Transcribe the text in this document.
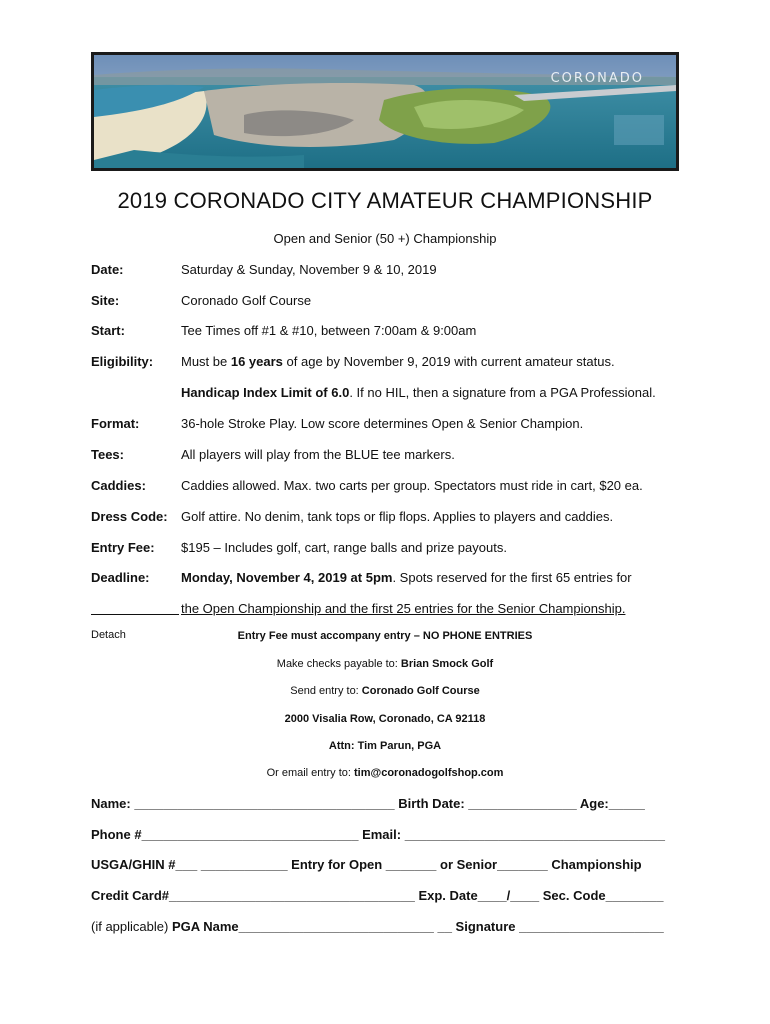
CORONADO
2019 CORONADO CITY AMATEUR CHAMPIONSHIP
Open and Senior (50 +) Championship
Date:	Saturday & Sunday, November 9 & 10, 2019
Site:	Coronado Golf Course
Start:	Tee Times off #1 & #10, between 7:00am & 9:00am
Eligibility: Must be 16 years of age by November 9, 2019 with current amateur status.
Handicap Index Limit of 6.0. If no HIL, then a signature from a PGA Professional.
Format:	36-hole Stroke Play. Low score determines Open & Senior Champion.
Tees:	All players will play from the BLUE tee markers.
Caddies:	Caddies allowed. Max. two carts per group. Spectators must ride in cart, $20 ea.
Dress Code: Golf attire. No denim, tank tops or flip flops. Applies to players and caddies.
Entry Fee: $195 – Includes golf, cart, range balls and prize payouts.
Deadline: Monday, November 4, 2019 at 5pm. Spots reserved for the first 65 entries for
the Open Championship and the first 25 entries for the Senior Championship.
Detach	Entry Fee must accompany entry – NO PHONE ENTRIES
Make checks payable to: Brian Smock Golf
Send entry to: Coronado Golf Course
2000 Visalia Row, Coronado, CA 92118
Attn: Tim Parun, PGA
Or email entry to: tim@coronadogolfshop.com
Name: ____________________________________ Birth Date: _______________ Age:_____
Phone #______________________________ Email: ____________________________________
USGA/GHIN #___ ____________ Entry for Open _______ or Senior_______ Championship
Credit Card#__________________________________ Exp. Date____/____ Sec. Code________
(if applicable) PGA Name___________________________ __ Signature ____________________
